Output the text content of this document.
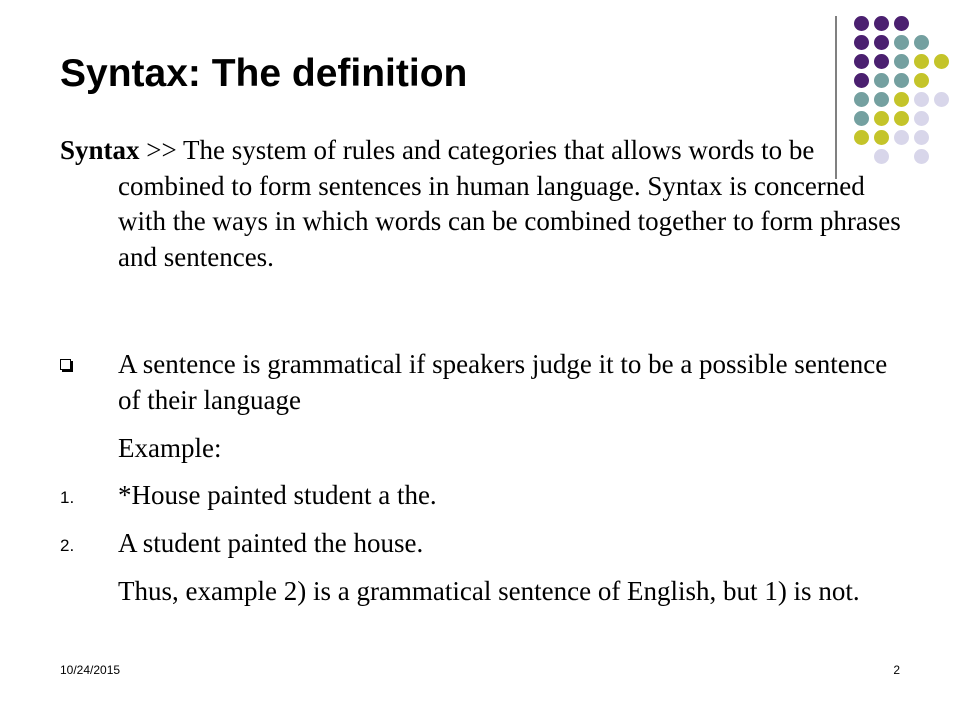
Syntax: The definition

Syntax >> The system of rules and categories that allows words to be combined to form sentences in human language. Syntax is concerned with the ways in which words can be combined together to form phrases and sentences.

A sentence is grammatical if speakers judge it to be a possible sentence of their language
Example:
1. *House painted student a the.
2. A student painted the house.
Thus, example 2) is a grammatical sentence of English, but 1) is not.
10/24/2015	2
